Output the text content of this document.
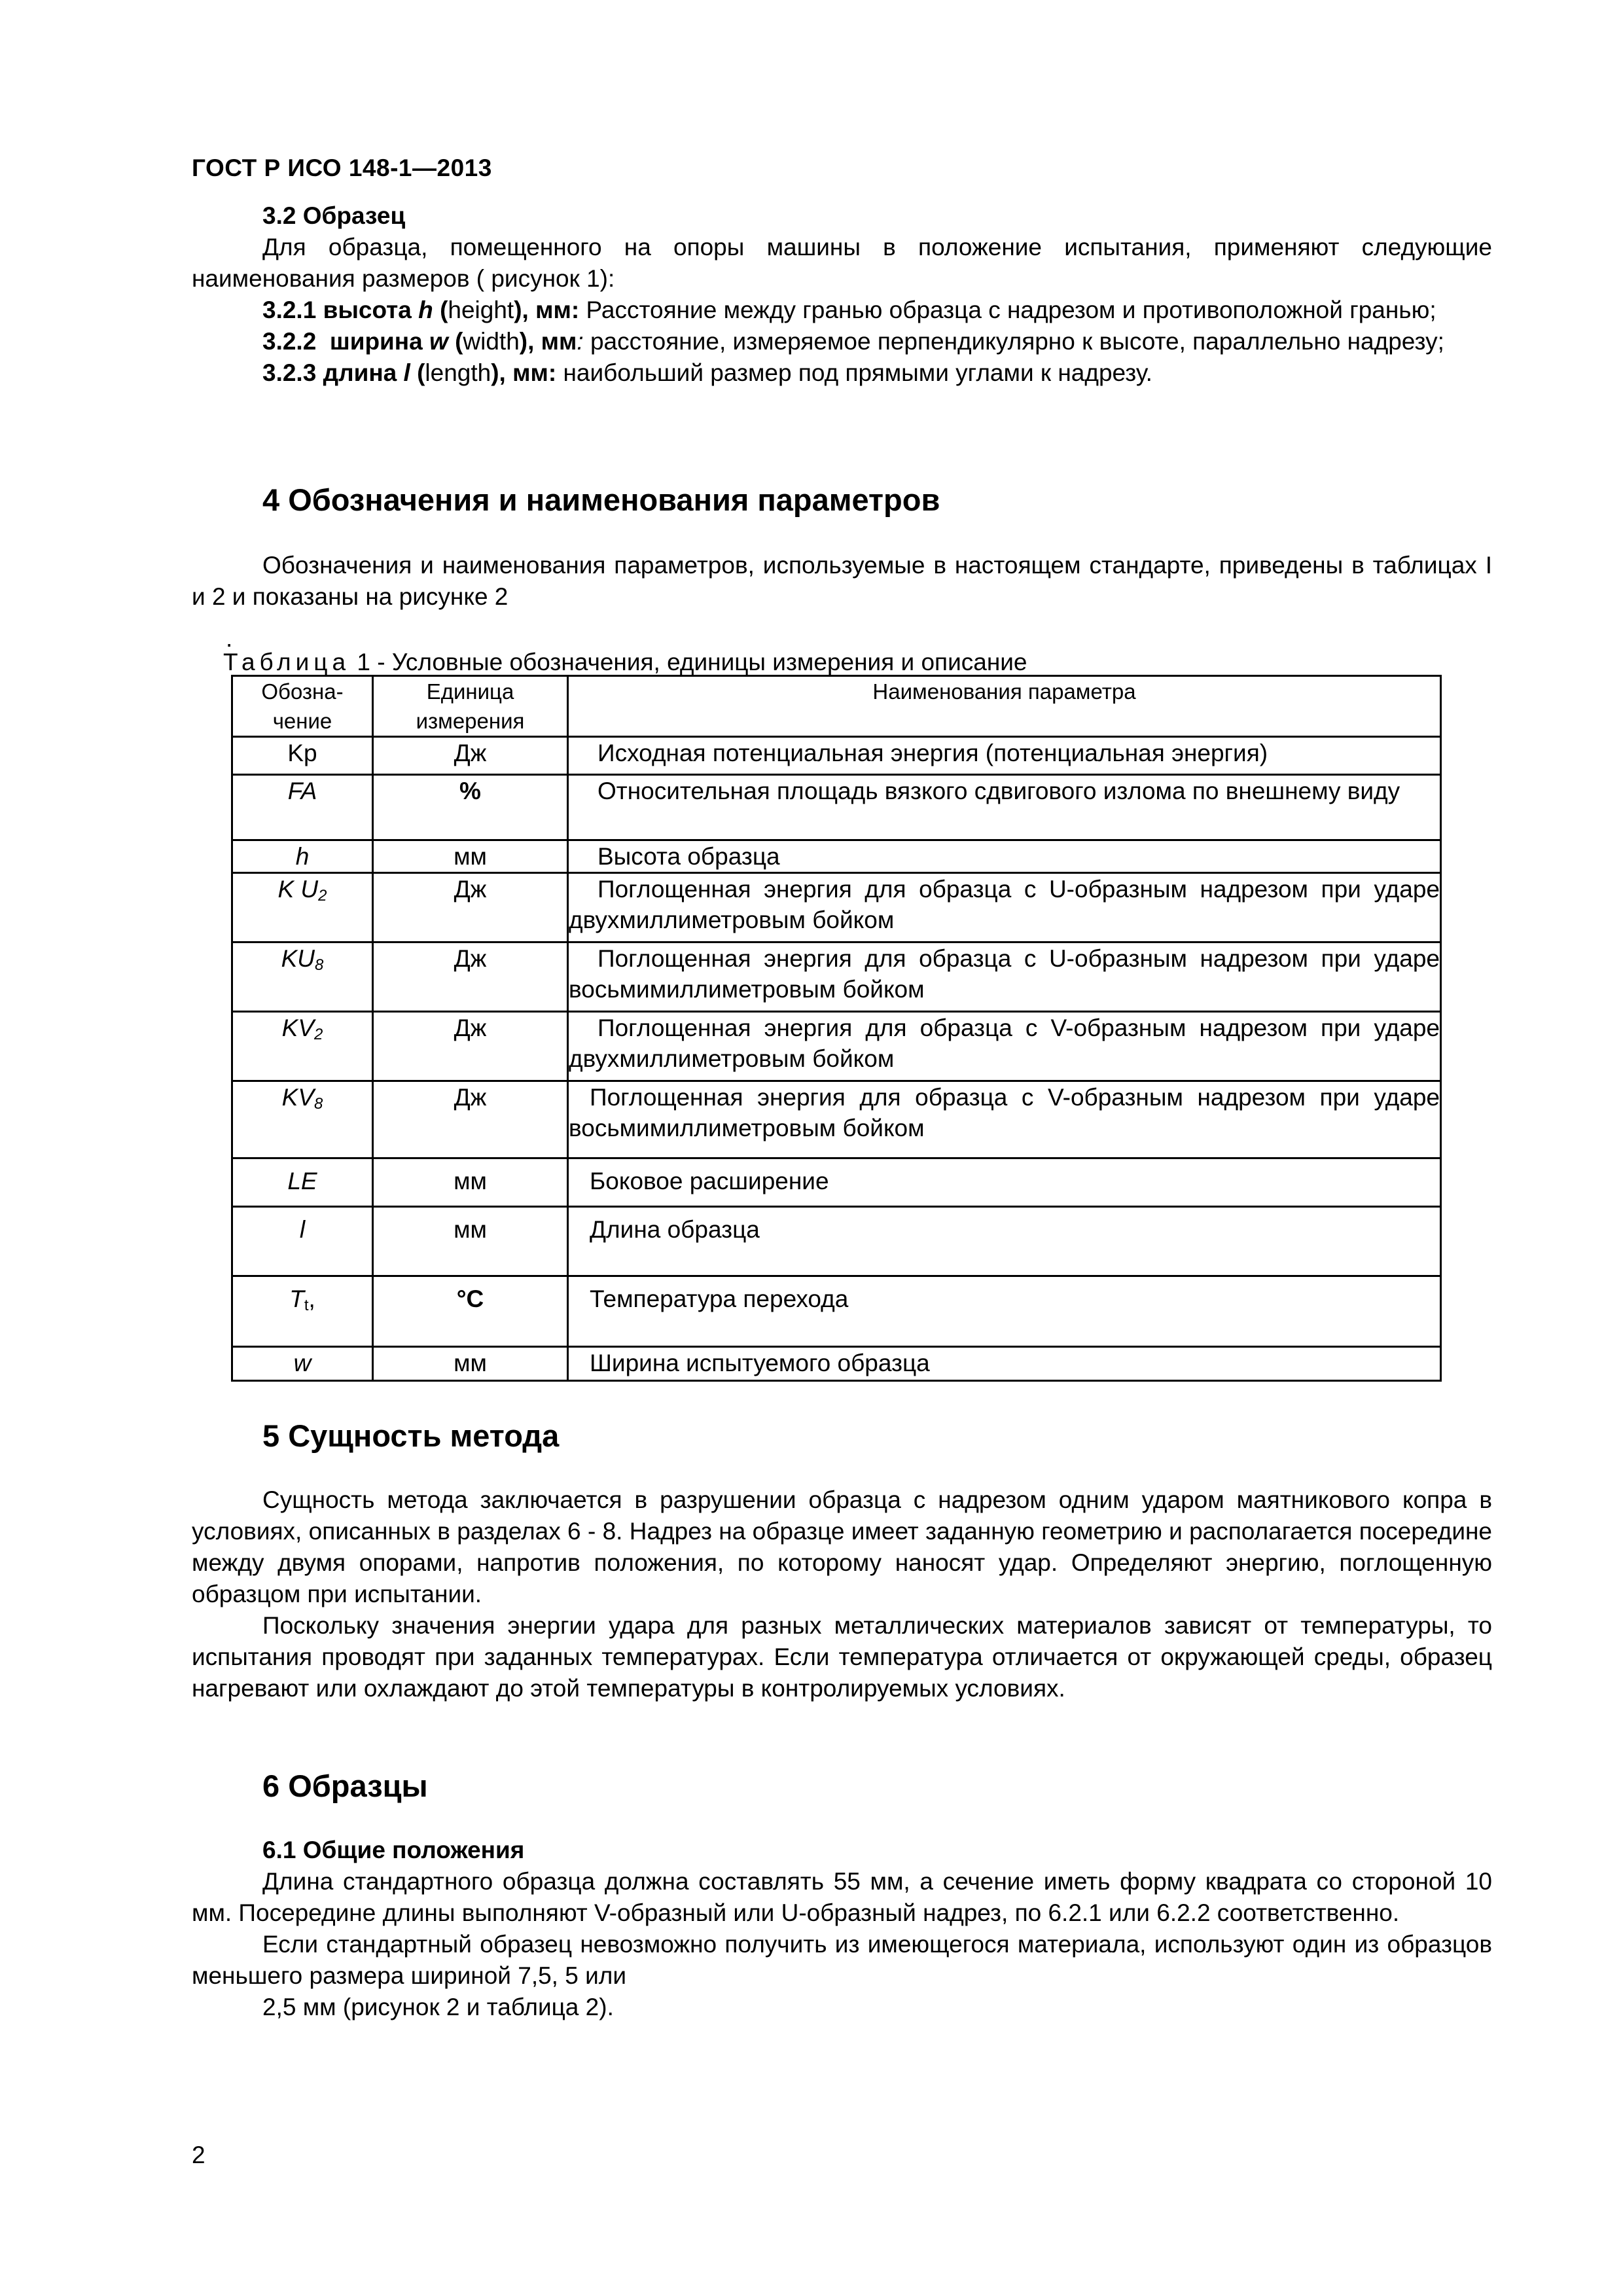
ГОСТ Р ИСО 148-1—2013
3.2 Образец
Для образца, помещенного на опоры машины в положение испытания, применяют следующие наименования размеров ( рисунок 1):
3.2.1 высота h (height), мм: Расстояние между гранью образца с надрезом и противоположной гранью;
3.2.2 ширина w (width), мм: расстояние, измеряемое перпендикулярно к высоте, параллельно надрезу;
3.2.3 длина l (length), мм: наибольший размер под прямыми углами к надрезу.
4 Обозначения и наименования параметров
Обозначения и наименования параметров, используемые в настоящем стандарте, приведены в таблицах I и 2 и показаны на рисунке 2
.
Таблица 1 - Условные обозначения, единицы измерения и описание
Обозна-чение	Единица измерения	Наименования параметра
Kp	Дж	Исходная потенциальная энергия (потенциальная энергия)
FA	%	Относительная площадь вязкого сдвигового излома по внешнему виду
h	мм	Высота образца
K $U_2$	Дж	Поглощенная энергия для образца с U-образным надрезом при ударе двухмиллиметровым бойком
$KU_8$	Дж	Поглощенная энергия для образца с U-образным надрезом при ударе восьмимиллиметровым бойком
$KV_2$	Дж	Поглощенная энергия для образца с V-образным надрезом при ударе двухмиллиметровым бойком
$KV_8$	Дж	Поглощенная энергия для образца с V-образным надрезом при ударе восьмимиллиметровым бойком
LE	мм	Боковое расширение
l	мм	Длина образца
$T_t$,	°C	Температура перехода
w	мм	Ширина испытуемого образца
5 Сущность метода
Сущность метода заключается в разрушении образца с надрезом одним ударом маятникового копра в условиях, описанных в разделах 6 - 8. Надрез на образце имеет заданную геометрию и располагается посередине между двумя опорами, напротив положения, по которому наносят удар. Определяют энергию, поглощенную образцом при испытании.
Поскольку значения энергии удара для разных металлических материалов зависят от температуры, то испытания проводят при заданных температурах. Если температура отличается от окружающей среды, образец нагревают или охлаждают до этой температуры в контролируемых условиях.
6 Образцы
6.1 Общие положения
Длина стандартного образца должна составлять 55 мм, а сечение иметь форму квадрата со стороной 10 мм. Посередине длины выполняют V-образный или U-образный надрез, по 6.2.1 или 6.2.2 соответственно.
Если стандартный образец невозможно получить из имеющегося материала, используют один из образцов меньшего размера шириной 7,5, 5 или
2,5 мм (рисунок 2 и таблица 2).
2
